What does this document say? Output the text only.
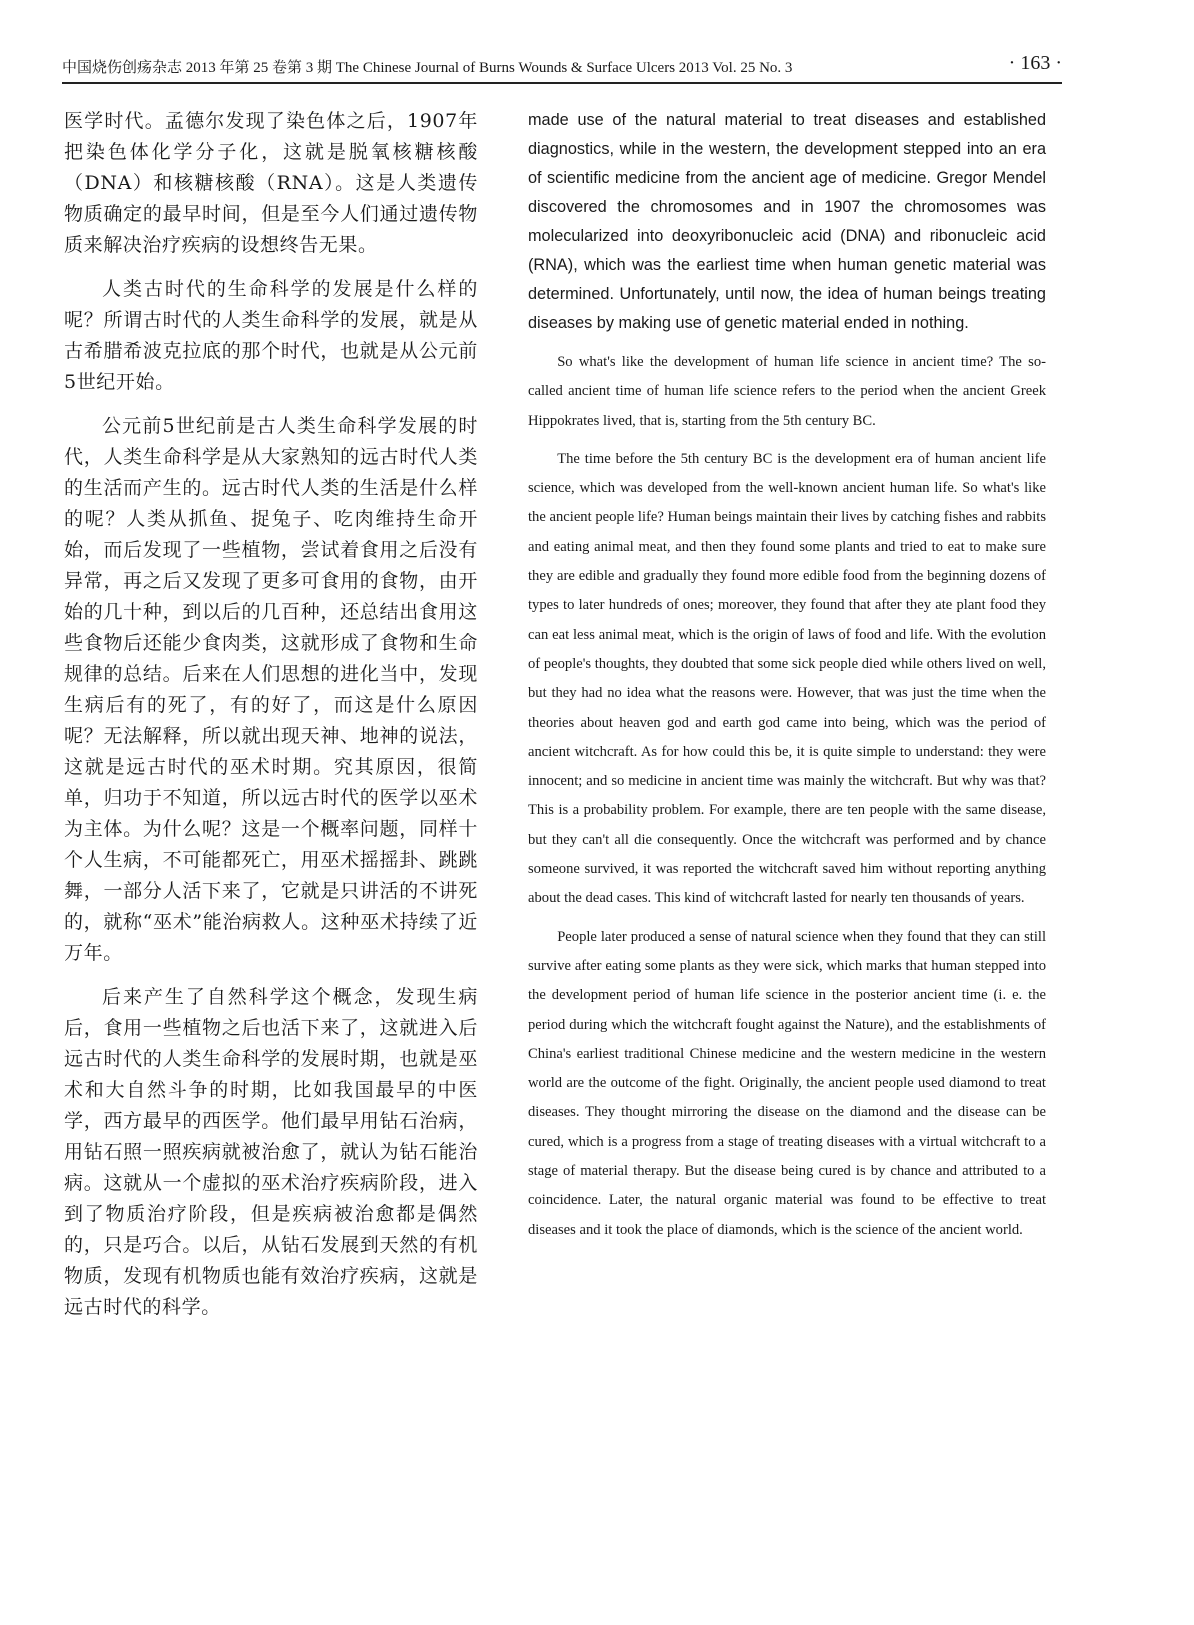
中国烧伤创疡杂志 2013 年第 25 卷第 3 期 The Chinese Journal of Burns Wounds & Surface Ulcers 2013 Vol. 25 No. 3	· 163 ·

医学时代。孟德尔发现了染色体之后，1907年把染色体化学分子化，这就是脱氧核糖核酸（DNA）和核糖核酸（RNA）。这是人类遗传物质确定的最早时间，但是至今人们通过遗传物质来解决治疗疾病的设想终告无果。

人类古时代的生命科学的发展是什么样的呢？所谓古时代的人类生命科学的发展，就是从古希腊希波克拉底的那个时代，也就是从公元前5世纪开始。

公元前5世纪前是古人类生命科学发展的时代，人类生命科学是从大家熟知的远古时代人类的生活而产生的。远古时代人类的生活是什么样的呢？人类从抓鱼、捉兔子、吃肉维持生命开始，而后发现了一些植物，尝试着食用之后没有异常，再之后又发现了更多可食用的食物，由开始的几十种，到以后的几百种，还总结出食用这些食物后还能少食肉类，这就形成了食物和生命规律的总结。后来在人们思想的进化当中，发现生病后有的死了，有的好了，而这是什么原因呢？无法解释，所以就出现天神、地神的说法，这就是远古时代的巫术时期。究其原因，很简单，归功于不知道，所以远古时代的医学以巫术为主体。为什么呢？这是一个概率问题，同样十个人生病，不可能都死亡，用巫术摇摇卦、跳跳舞，一部分人活下来了，它就是只讲活的不讲死的，就称“巫术”能治病救人。这种巫术持续了近万年。

后来产生了自然科学这个概念，发现生病后，食用一些植物之后也活下来了，这就进入后远古时代的人类生命科学的发展时期，也就是巫术和大自然斗争的时期，比如我国最早的中医学，西方最早的西医学。他们最早用钻石治病，用钻石照一照疾病就被治愈了，就认为钻石能治病。这就从一个虚拟的巫术治疗疾病阶段，进入到了物质治疗阶段，但是疾病被治愈都是偶然的，只是巧合。以后，从钻石发展到天然的有机物质，发现有机物质也能有效治疗疾病，这就是远古时代的科学。

made use of the natural material to treat diseases and established diagnostics, while in the western, the development stepped into an era of scientific medicine from the ancient age of medicine. Gregor Mendel discovered the chromosomes and in 1907 the chromosomes was molecularized into deoxyribonucleic acid (DNA) and ribonucleic acid (RNA), which was the earliest time when human genetic material was determined. Unfortunately, until now, the idea of human beings treating diseases by making use of genetic material ended in nothing.

So what's like the development of human life science in ancient time? The so-called ancient time of human life science refers to the period when the ancient Greek Hippokrates lived, that is, starting from the 5th century BC.

The time before the 5th century BC is the development era of human ancient life science, which was developed from the well-known ancient human life. So what's like the ancient people life? Human beings maintain their lives by catching fishes and rabbits and eating animal meat, and then they found some plants and tried to eat to make sure they are edible and gradually they found more edible food from the beginning dozens of types to later hundreds of ones; moreover, they found that after they ate plant food they can eat less animal meat, which is the origin of laws of food and life. With the evolution of people's thoughts, they doubted that some sick people died while others lived on well, but they had no idea what the reasons were. However, that was just the time when the theories about heaven god and earth god came into being, which was the period of ancient witchcraft. As for how could this be, it is quite simple to understand: they were innocent; and so medicine in ancient time was mainly the witchcraft. But why was that? This is a probability problem. For example, there are ten people with the same disease, but they can't all die consequently. Once the witchcraft was performed and by chance someone survived, it was reported the witchcraft saved him without reporting anything about the dead cases. This kind of witchcraft lasted for nearly ten thousands of years.

People later produced a sense of natural science when they found that they can still survive after eating some plants as they were sick, which marks that human stepped into the development period of human life science in the posterior ancient time (i. e. the period during which the witchcraft fought against the Nature), and the establishments of China's earliest traditional Chinese medicine and the western medicine in the western world are the outcome of the fight. Originally, the ancient people used diamond to treat diseases. They thought mirroring the disease on the diamond and the disease can be cured, which is a progress from a stage of treating diseases with a virtual witchcraft to a stage of material therapy. But the disease being cured is by chance and attributed to a coincidence. Later, the natural organic material was found to be effective to treat diseases and it took the place of diamonds, which is the science of the ancient world.
